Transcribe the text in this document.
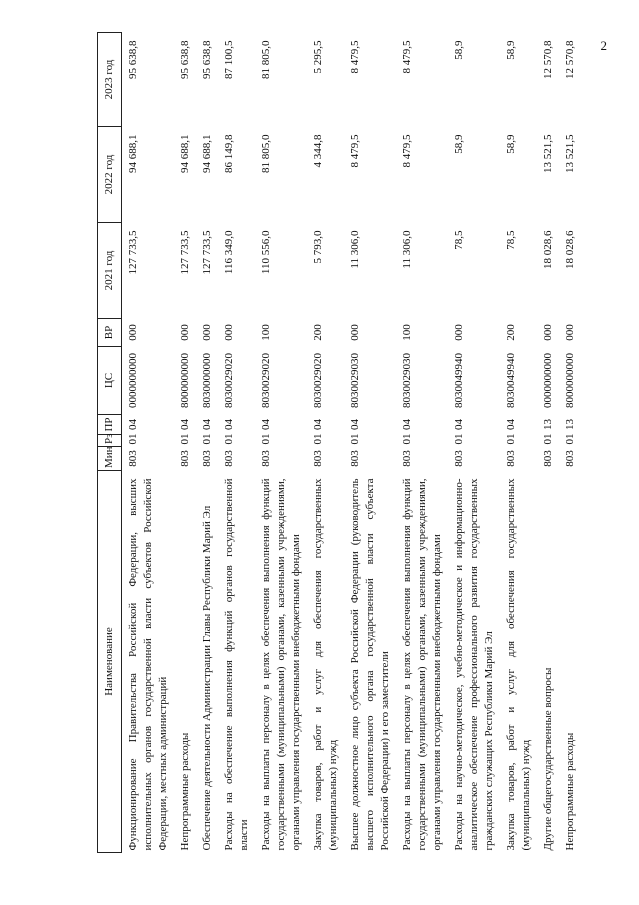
2
Наименование	Мин	Рз	ПР	ЦС	ВР	2021 год	2022 год	2023 год
Функционирование Правительства Российской Федерации, высших исполнительных органов государственной власти субъектов Российской Федерации, местных администраций	803	01	04	0000000000	000	127 733,5	94 688,1	95 638,8
Непрограммные расходы	803	01	04	8000000000	000	127 733,5	94 688,1	95 638,8
Обеспечение деятельности Администрации Главы Республики Марий Эл	803	01	04	8030000000	000	127 733,5	94 688,1	95 638,8
Расходы на обеспечение выполнения функций органов государственной власти	803	01	04	8030029020	000	116 349,0	86 149,8	87 100,5
Расходы на выплаты персоналу в целях обеспечения выполнения функций государственными (муниципальными) органами, казенными учреждениями, органами управления государственными внебюджетными фондами	803	01	04	8030029020	100	110 556,0	81 805,0	81 805,0
Закупка товаров, работ и услуг для обеспечения государственных (муниципальных) нужд	803	01	04	8030029020	200	5 793,0	4 344,8	5 295,5
Высшее должностное лицо субъекта Российской Федерации (руководитель высшего исполнительного органа государственной власти субъекта Российской Федерации) и его заместители	803	01	04	8030029030	000	11 306,0	8 479,5	8 479,5
Расходы на выплаты персоналу в целях обеспечения выполнения функций государственными (муниципальными) органами, казенными учреждениями, органами управления государственными внебюджетными фондами	803	01	04	8030029030	100	11 306,0	8 479,5	8 479,5
Расходы на научно-методическое, учебно-методическое и информационно-аналитическое обеспечение профессионального развития государственных гражданских служащих Республики Марий Эл	803	01	04	8030049940	000	78,5	58,9	58,9
Закупка товаров, работ и услуг для обеспечения государственных (муниципальных) нужд	803	01	04	8030049940	200	78,5	58,9	58,9
Другие общегосударственные вопросы	803	01	13	0000000000	000	18 028,6	13 521,5	12 570,8
Непрограммные расходы	803	01	13	8000000000	000	18 028,6	13 521,5	12 570,8
